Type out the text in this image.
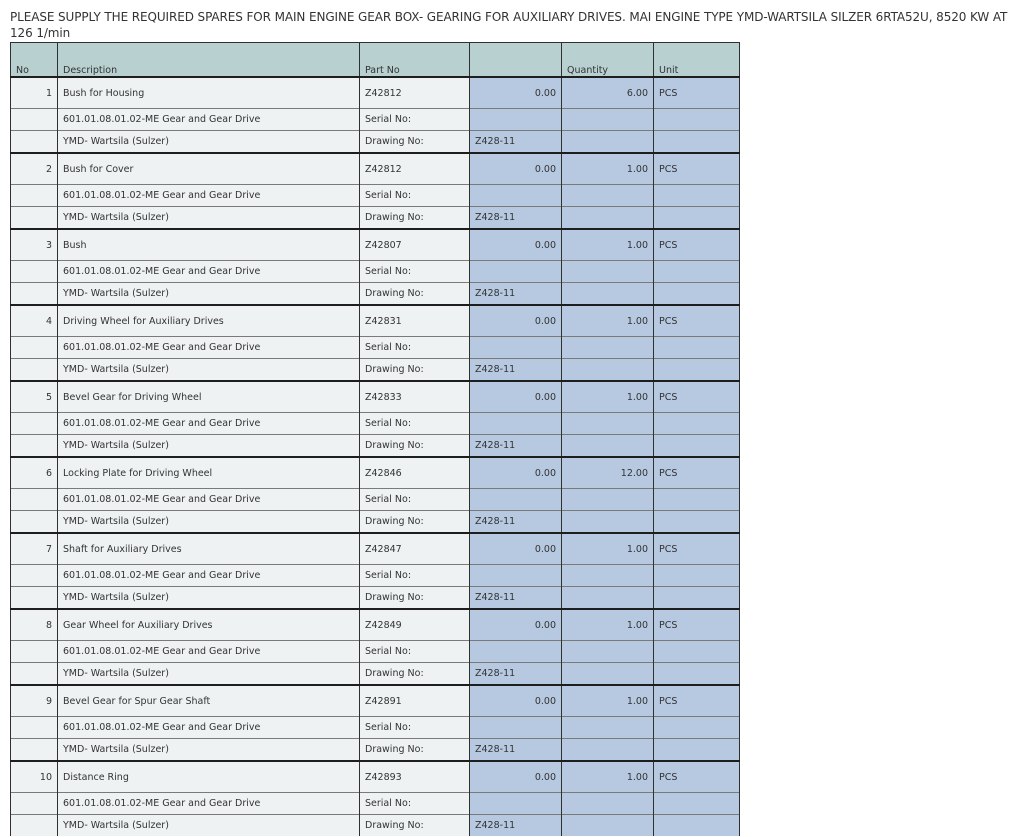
PLEASE SUPPLY THE REQUIRED SPARES FOR MAIN ENGINE GEAR BOX- GEARING FOR AUXILIARY DRIVES. MAI ENGINE TYPE YMD-WARTSILA SILZER 6RTA52U, 8520 KW AT 126 1/min
No	Description	Part No		Quantity	Unit
1	Bush for Housing	Z42812	0.00	6.00	PCS
	601.01.08.01.02-ME Gear and Gear Drive	Serial No:			
	YMD- Wartsila (Sulzer)	Drawing No:	Z428-11		
2	Bush for Cover	Z42812	0.00	1.00	PCS
	601.01.08.01.02-ME Gear and Gear Drive	Serial No:			
	YMD- Wartsila (Sulzer)	Drawing No:	Z428-11		
3	Bush	Z42807	0.00	1.00	PCS
	601.01.08.01.02-ME Gear and Gear Drive	Serial No:			
	YMD- Wartsila (Sulzer)	Drawing No:	Z428-11		
4	Driving Wheel for Auxiliary Drives	Z42831	0.00	1.00	PCS
	601.01.08.01.02-ME Gear and Gear Drive	Serial No:			
	YMD- Wartsila (Sulzer)	Drawing No:	Z428-11		
5	Bevel Gear for Driving Wheel	Z42833	0.00	1.00	PCS
	601.01.08.01.02-ME Gear and Gear Drive	Serial No:			
	YMD- Wartsila (Sulzer)	Drawing No:	Z428-11		
6	Locking Plate for Driving Wheel	Z42846	0.00	12.00	PCS
	601.01.08.01.02-ME Gear and Gear Drive	Serial No:			
	YMD- Wartsila (Sulzer)	Drawing No:	Z428-11		
7	Shaft for Auxiliary Drives	Z42847	0.00	1.00	PCS
	601.01.08.01.02-ME Gear and Gear Drive	Serial No:			
	YMD- Wartsila (Sulzer)	Drawing No:	Z428-11		
8	Gear Wheel for Auxiliary Drives	Z42849	0.00	1.00	PCS
	601.01.08.01.02-ME Gear and Gear Drive	Serial No:			
	YMD- Wartsila (Sulzer)	Drawing No:	Z428-11		
9	Bevel Gear for Spur Gear Shaft	Z42891	0.00	1.00	PCS
	601.01.08.01.02-ME Gear and Gear Drive	Serial No:			
	YMD- Wartsila (Sulzer)	Drawing No:	Z428-11		
10	Distance Ring	Z42893	0.00	1.00	PCS
	601.01.08.01.02-ME Gear and Gear Drive	Serial No:			
	YMD- Wartsila (Sulzer)	Drawing No:	Z428-11		
